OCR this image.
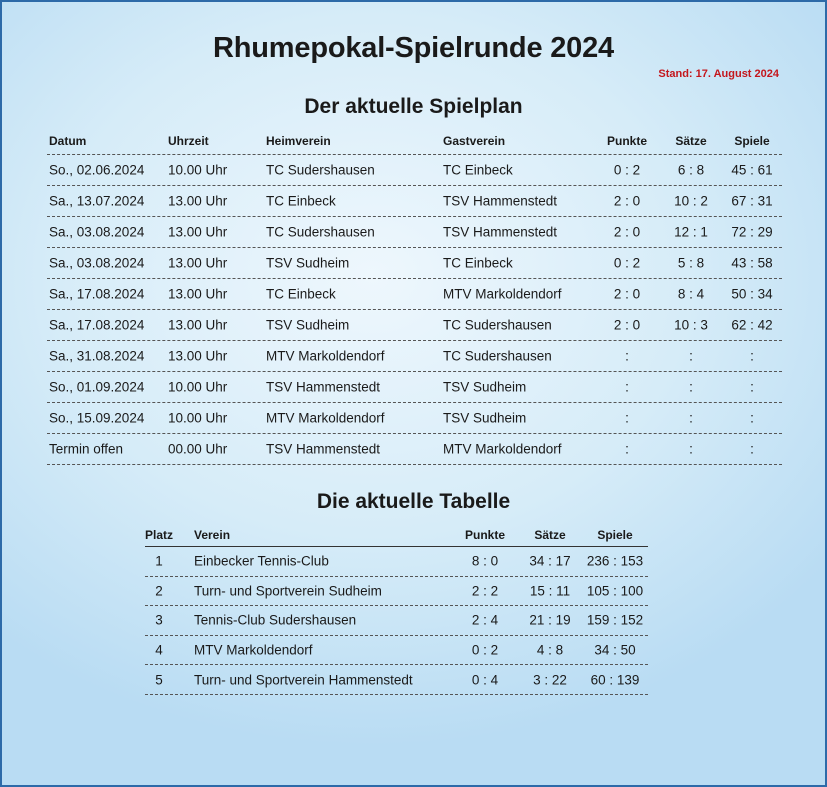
Rhumepokal-Spielrunde 2024
Stand: 17. August 2024
Der aktuelle Spielplan
Datum	Uhrzeit	Heimverein	Gastverein	Punkte	Sätze	Spiele
So., 02.06.2024 10.00 Uhr	TC Sudershausen	TC Einbeck	0 : 2	6 : 8	45 : 61
Sa., 13.07.2024 13.00 Uhr	TC Einbeck	TSV Hammenstedt	2 : 0	10 : 2	67 : 31
Sa., 03.08.2024 13.00 Uhr	TC Sudershausen	TSV Hammenstedt	2 : 0	12 : 1	72 : 29
Sa., 03.08.2024 13.00 Uhr	TSV Sudheim	TC Einbeck	0 : 2	5 : 8	43 : 58
Sa., 17.08.2024 13.00 Uhr	TC Einbeck	MTV Markoldendorf	2 : 0	8 : 4	50 : 34
Sa., 17.08.2024 13.00 Uhr	TSV Sudheim	TC Sudershausen	2 : 0	10 : 3	62 : 42
Sa., 31.08.2024 13.00 Uhr	MTV Markoldendorf	TC Sudershausen	:	:	:
So., 01.09.2024 10.00 Uhr	TSV Hammenstedt	TSV Sudheim	:	:	:
So., 15.09.2024 10.00 Uhr	MTV Markoldendorf	TSV Sudheim	:	:	:
Termin offen	00.00 Uhr	TSV Hammenstedt	MTV Markoldendorf	:	:	:
Die aktuelle Tabelle
Platz Verein	Punkte	Sätze	Spiele
1	Einbecker Tennis-Club	8 : 0	34 : 17	236 : 153
2	Turn- und Sportverein Sudheim	2 : 2	15 : 11	105 : 100
3	Tennis-Club Sudershausen	2 : 4	21 : 19	159 : 152
4	MTV Markoldendorf	0 : 2	4 : 8	34 : 50
5	Turn- und Sportverein Hammenstedt	0 : 4	3 : 22	60 : 139
